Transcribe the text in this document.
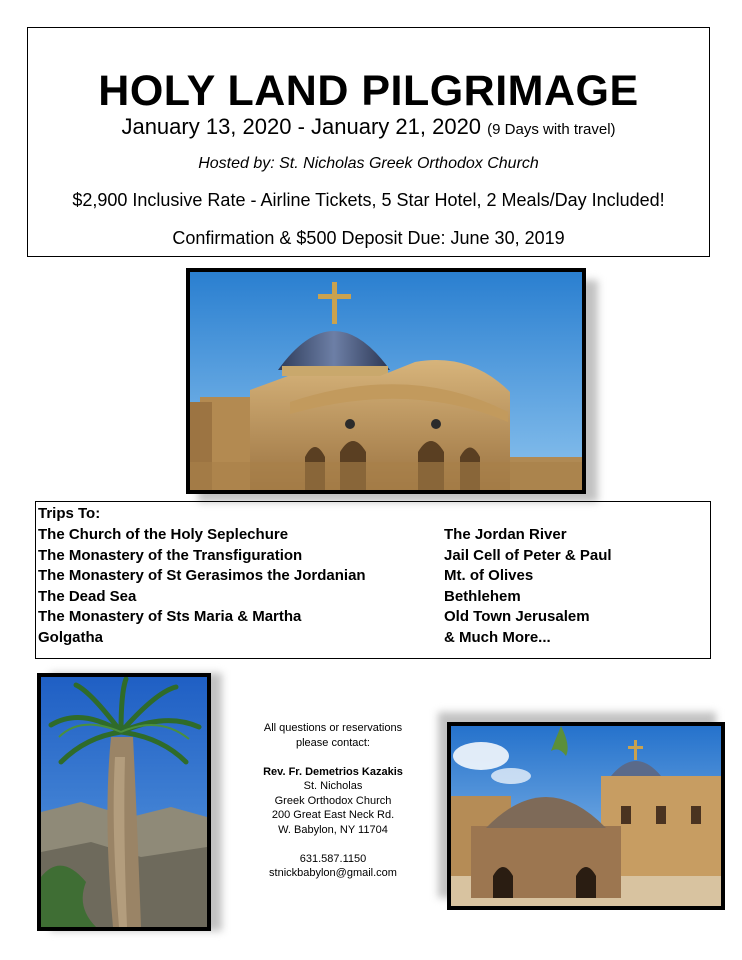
HOLY LAND PILGRIMAGE
January 13, 2020 - January 21, 2020 (9 Days with travel)
Hosted by: St. Nicholas Greek Orthodox Church
$2,900 Inclusive Rate - Airline Tickets, 5 Star Hotel, 2 Meals/Day Included!
Confirmation & $500 Deposit Due: June 30, 2019
Trips To:
The Church of the Holy Seplechure
The Monastery of the Transfiguration
The Monastery of St Gerasimos the Jordanian
The Dead Sea
The Monastery of Sts Maria & Martha
Golgatha
The Jordan River
Jail Cell of Peter & Paul
Mt. of Olives
Bethlehem
Old Town Jerusalem
& Much More...
All questions or reservations
please contact:
Rev. Fr. Demetrios Kazakis
St. Nicholas
Greek Orthodox Church
200 Great East Neck Rd.
W. Babylon, NY 11704
631.587.1150
stnickbabylon@gmail.com
